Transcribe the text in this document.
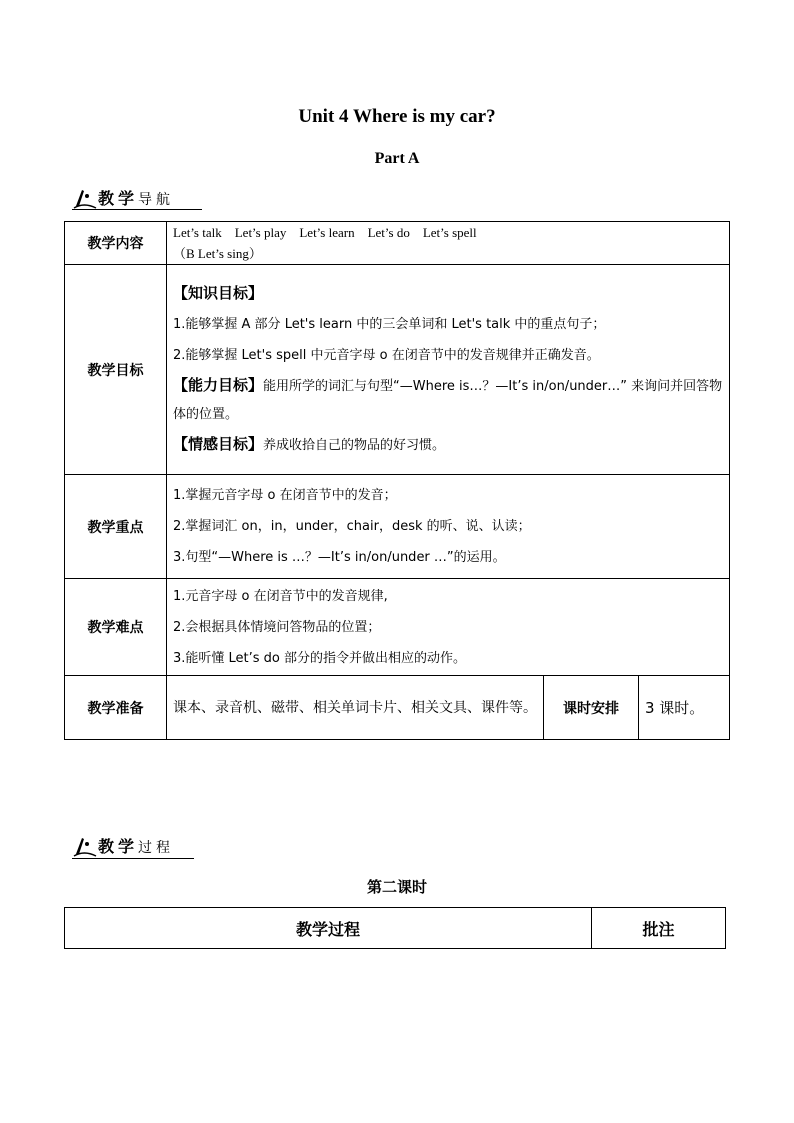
Unit 4 Where is my car?
Part A
教学导航
教学内容	Let’s talk    Let’s play    Let’s learn    Let’s do    Let’s spell

（B Let’s sing）		

教学目标	【知识目标】

1.能够掌握 A 部分 Let's learn 中的三会单词和 Let's talk 中的重点句子；

2.能够掌握 Let's spell 中元音字母 o 在闭音节中的发音规律并正确发音。

【能力目标】能用所学的词汇与句型“—Where is…？—It’s in/on/under…” 来询问并回答物体的位置。

【情感目标】养成收拾自己的物品的好习惯。		

教学重点	1.掌握元音字母 o 在闭音节中的发音；

2.掌握词汇 on，in，under，chair，desk 的听、说、认读；

3.句型“—Where is …？—It’s in/on/under …”的运用。		

教学难点	1.元音字母 o 在闭音节中的发音规律,

2.会根据具体情境问答物品的位置；

3.能听懂 Let’s do 部分的指令并做出相应的动作。		

教学准备	课本、录音机、磁带、相关单词卡片、相关文具、课件等。	课时安排	3 课时。
教学过程
第二课时
教学过程	批注
